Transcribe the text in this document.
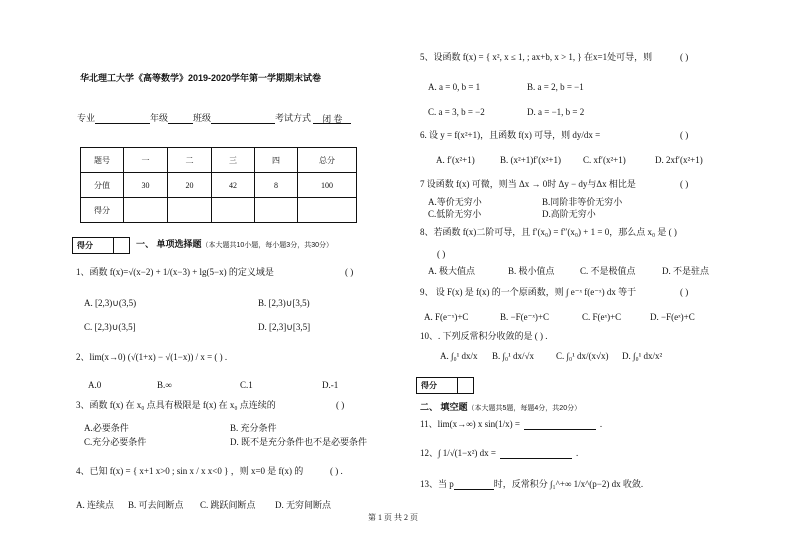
华北理工大学《高等数学》2019-2020学年第一学期期末试卷
专业	年级	班级	考试方式 闭 卷
题号	一	二	三	四	总分
分值	30	20	42	8	100
得分					
得分	一、 单项选择题（本大题共10小题，每小题3分，共30分）
得分
二、 填空题（本大题共5题，每题4分，共20分）
1、函数 f(x)=√(x−2) + 1/(x−3) + lg(5−x) 的定义域是	( )
A. [2,3)∪(3,5)	B. [2,3)∪[3,5)
C. [2,3)∪(3,5]	D. [2,3]∪[3,5]
2、lim(x→0) (√(1+x) − √(1−x)) / x = ( ) .
A.0	B.∞	C.1	D.-1
3、函数 f(x) 在 x₀ 点具有极限是 f(x) 在 x₀ 点连续的	( )
A.必要条件	B. 充分条件
C.充分必要条件	D. 既不是充分条件也不是必要条件
4、已知 f(x) = { x+1 x>0 ; sin x / x x<0 } ，则 x=0 是 f(x) 的	( ) .
A. 连续点	B. 可去间断点	C. 跳跃间断点	D. 无穷间断点
5、设函数 f(x) = { x², x ≤ 1, ; ax+b, x > 1, } 在x=1处可导，则	( )
A. a = 0, b = 1	B. a = 2, b = −1
C. a = 3, b = −2	D. a = −1, b = 2
6. 设 y = f(x²+1)，且函数 f(x) 可导，则 dy/dx =	( )
A. f′(x²+1)	B. (x²+1)f′(x²+1)	C. xf′(x²+1)	D. 2xf′(x²+1)
7 设函数 f(x) 可微，则当 Δx → 0时 Δy − dy与Δx 相比是	( )
A.等价无穷小	B.同阶非等价无穷小
C.低阶无穷小	D.高阶无穷小
8、若函数 f(x)二阶可导，且 f′(x₀) = f″(x₀) + 1 = 0，那么点 x₀ 是 ( )
( )
A. 极大值点	B. 极小值点	C. 不是极值点	D. 不是驻点
9、 设 F(x) 是 f(x) 的一个原函数，则 ∫ e⁻ˣ f(e⁻ˣ) dx 等于	( )
A. F(e⁻ˣ)+C	B. −F(e⁻ˣ)+C	C. F(eˣ)+C	D. −F(eˣ)+C
10、. 下列反常积分收敛的是 ( ) .
A. ∫₀¹ dx/x	B. ∫₀¹ dx/√x	C. ∫₀¹ dx/(x√x)	D. ∫₀¹ dx/x²
11、lim(x→∞) x sin(1/x) =	.
12、∫ 1/√(1−x²) dx =	.
13、当 p	时，反常积分 ∫₁^+∞ 1/x^(p−2) dx 收敛.
第 1 页 共 2 页
